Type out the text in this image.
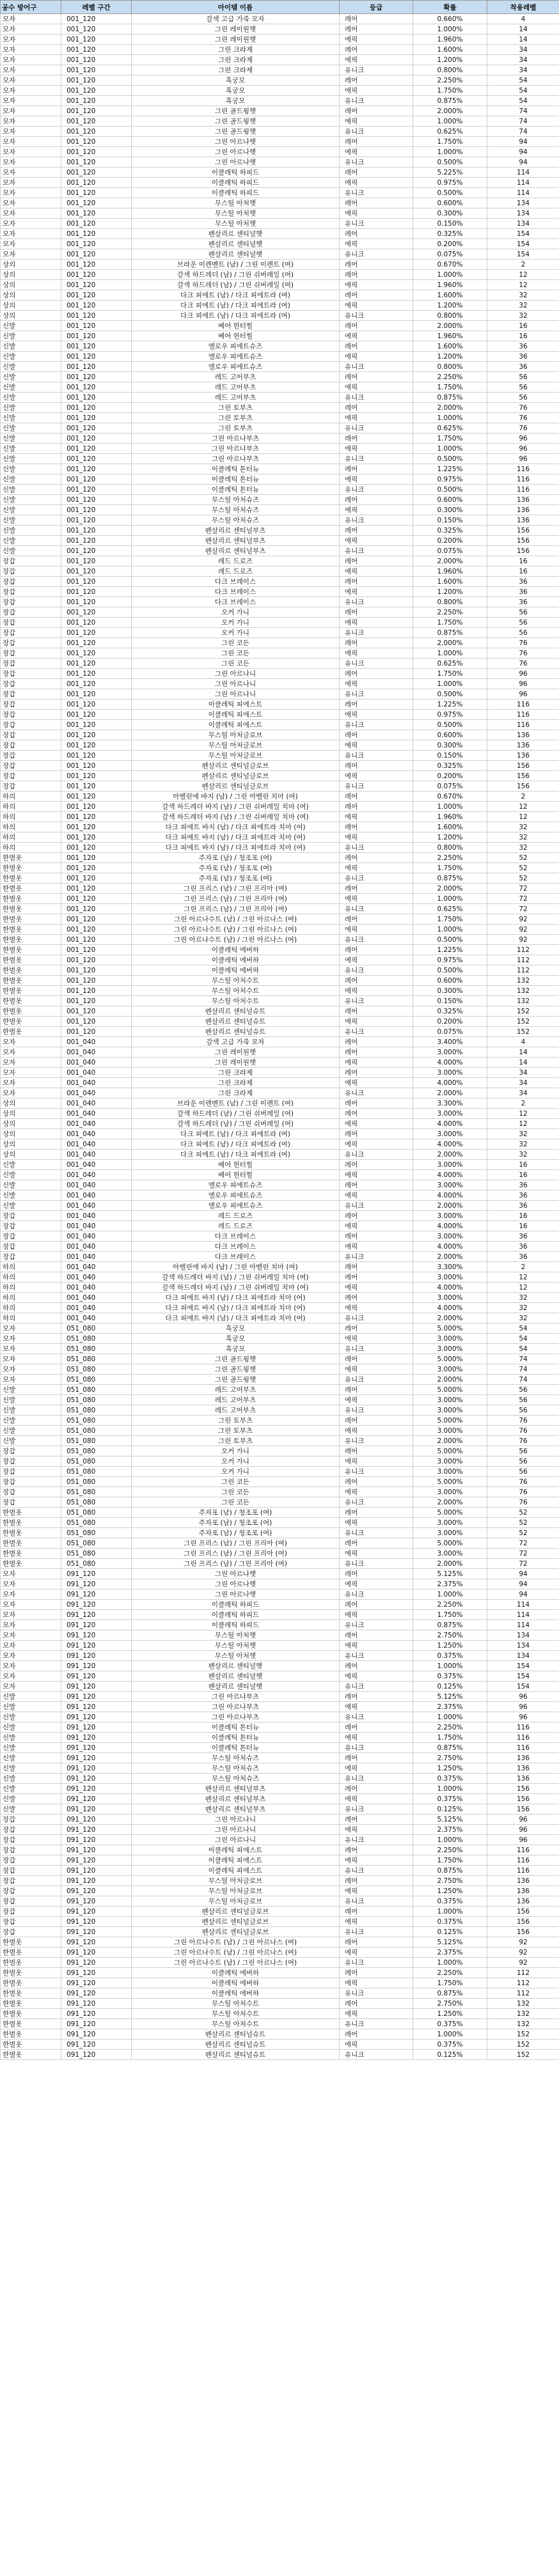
공수 방어구	레벨 구간	아이템 이름	등급	확률	착용레벨
모자	001_120	갈색 고급 가죽 모자	레어	0.660%	4
모자	001_120	그린 레이원햇	레어	1.000%	14
모자	001_120	그린 레이원햇	에픽	1.960%	14
모자	001_120	그린 크라제	레어	1.600%	34
모자	001_120	그린 크라제	에픽	1.200%	34
모자	001_120	그린 크라제	유니크	0.800%	34
모자	001_120	흑궁모	레어	2.250%	54
모자	001_120	흑궁모	에픽	1.750%	54
모자	001_120	흑궁모	유니크	0.875%	54
모자	001_120	그린 골드윙햇	레어	2.000%	74
모자	001_120	그린 골드윙햇	에픽	1.000%	74
모자	001_120	그린 골드윙햇	유니크	0.625%	74
모자	001_120	그린 아르나햇	레어	1.750%	94
모자	001_120	그린 아르나햇	에픽	1.000%	94
모자	001_120	그린 아르나햇	유니크	0.500%	94
모자	001_120	이클레틱 하피드	레어	5.225%	114
모자	001_120	이클레틱 하피드	에픽	0.975%	114
모자	001_120	이클레틱 하피드	유니크	0.500%	114
모자	001_120	무스틸 아처햇	레어	0.600%	134
모자	001_120	무스틸 아처햇	에픽	0.300%	134
모자	001_120	무스틸 아처햇	유니크	0.150%	134
모자	001_120	펜살리르 센티널햇	레어	0.325%	154
모자	001_120	펜살리르 센티널햇	에픽	0.200%	154
모자	001_120	펜살리르 센티널햇	유니크	0.075%	154
상의	001_120	브라운 이렌멘트 (남) / 그린 이렌트 (여)	레어	0.670%	2
상의	001_120	갈색 하드레더 (남) / 그린 쉬버레일 (여)	레어	1.000%	12
상의	001_120	갈색 하드레더 (남) / 그린 쉬버레일 (여)	에픽	1.960%	12
상의	001_120	다크 피에트 (남) / 다크 피에트라 (여)	레어	1.600%	32
상의	001_120	다크 피에트 (남) / 다크 피에트라 (여)	에픽	1.200%	32
상의	001_120	다크 피에트 (남) / 다크 피에트라 (여)	유니크	0.800%	32
신발	001_120	베어 헌터힐	레어	2.000%	16
신발	001_120	베어 헌터힐	에픽	1.960%	16
신발	001_120	엘로우 피에트슈즈	레어	1.600%	36
신발	001_120	엘로우 피에트슈즈	에픽	1.200%	36
신발	001_120	엘로우 피에트슈즈	유니크	0.800%	36
신발	001_120	레드 고어부츠	레어	2.250%	56
신발	001_120	레드 고어부츠	에픽	1.750%	56
신발	001_120	레드 고어부츠	유니크	0.875%	56
신발	001_120	그린 토부츠	레어	2.000%	76
신발	001_120	그린 토부츠	에픽	1.000%	76
신발	001_120	그린 토부츠	유니크	0.625%	76
신발	001_120	그린 아르나부츠	레어	1.750%	96
신발	001_120	그린 아르나부츠	에픽	1.000%	96
신발	001_120	그린 아르나부츠	유니크	0.500%	96
신발	001_120	이클레틱 톤터뉴	레어	1.225%	116
신발	001_120	이클레틱 톤터뉴	에픽	0.975%	116
신발	001_120	이클레틱 톤터뉴	유니크	0.500%	116
신발	001_120	무스틸 아처슈즈	레어	0.600%	136
신발	001_120	무스틸 아처슈즈	에픽	0.300%	136
신발	001_120	무스틸 아처슈즈	유니크	0.150%	136
신발	001_120	펜살리르 센티널부츠	레어	0.325%	156
신발	001_120	펜살리르 센티널부츠	에픽	0.200%	156
신발	001_120	펜살리르 센티널부츠	유니크	0.075%	156
장갑	001_120	레드 드로즈	레어	2.000%	16
장갑	001_120	레드 드로즈	에픽	1.960%	16
장갑	001_120	다크 브레이스	레어	1.600%	36
장갑	001_120	다크 브레이스	에픽	1.200%	36
장갑	001_120	다크 브레이스	유니크	0.800%	36
장갑	001_120	오커 가니	레어	2.250%	56
장갑	001_120	오커 가니	에픽	1.750%	56
장갑	001_120	오커 가니	유니크	0.875%	56
장갑	001_120	그린 코든	레어	2.000%	76
장갑	001_120	그린 코든	에픽	1.000%	76
장갑	001_120	그린 코든	유니크	0.625%	76
장갑	001_120	그린 아르나니	레어	1.750%	96
장갑	001_120	그린 아르나니	에픽	1.000%	96
장갑	001_120	그린 아르나니	유니크	0.500%	96
장갑	001_120	이클레틱 피에스트	레어	1.225%	116
장갑	001_120	이클레틱 피에스트	에픽	0.975%	116
장갑	001_120	이클레틱 피에스트	유니크	0.500%	116
장갑	001_120	무스틸 아처글로브	레어	0.600%	136
장갑	001_120	무스틸 아처글로브	에픽	0.300%	136
장갑	001_120	무스틸 아처글로브	유니크	0.150%	136
장갑	001_120	펜살리르 센티널글로브	레어	0.325%	156
장갑	001_120	펜살리르 센티널글로브	에픽	0.200%	156
장갑	001_120	펜살리르 센티널글로브	유니크	0.075%	156
하의	001_120	아벨린에 바지 (남) / 그린 아벨린 치마 (여)	레어	0.670%	2
하의	001_120	갈색 하드레더 바지 (남) / 그린 쉬버레일 치마 (여)	레어	1.000%	12
하의	001_120	갈색 하드레더 바지 (남) / 그린 쉬버레일 치마 (여)	에픽	1.960%	12
하의	001_120	다크 피에트 바지 (남) / 다크 피에트라 치마 (여)	레어	1.600%	32
하의	001_120	다크 피에트 바지 (남) / 다크 피에트라 치마 (여)	에픽	1.200%	32
하의	001_120	다크 피에트 바지 (남) / 다크 피에트라 치마 (여)	유니크	0.800%	32
한벌옷	001_120	주자포 (남) / 청조포 (여)	레어	2.250%	52
한벌옷	001_120	주자포 (남) / 청조포 (여)	에픽	1.750%	52
한벌옷	001_120	주자포 (남) / 청조포 (여)	유니크	0.875%	52
한벌옷	001_120	그린 프리스 (남) / 그린 프리아 (여)	레어	2.000%	72
한벌옷	001_120	그린 프리스 (남) / 그린 프리아 (여)	에픽	1.000%	72
한벌옷	001_120	그린 프리스 (남) / 그린 프리아 (여)	유니크	0.625%	72
한벌옷	001_120	그린 아르나수트 (남) / 그린 아르나스 (여)	레어	1.750%	92
한벌옷	001_120	그린 아르나수트 (남) / 그린 아르나스 (여)	에픽	1.000%	92
한벌옷	001_120	그린 아르나수트 (남) / 그린 아르나스 (여)	유니크	0.500%	92
한벌옷	001_120	이클레틱 에버하	레어	1.225%	112
한벌옷	001_120	이클레틱 에버하	에픽	0.975%	112
한벌옷	001_120	이클레틱 에버하	유니크	0.500%	112
한벌옷	001_120	무스틸 아처수트	레어	0.600%	132
한벌옷	001_120	무스틸 아처수트	에픽	0.300%	132
한벌옷	001_120	무스틸 아처수트	유니크	0.150%	132
한벌옷	001_120	펜살리르 센티널슈트	레어	0.325%	152
한벌옷	001_120	펜살리르 센티널슈트	에픽	0.200%	152
한벌옷	001_120	펜살리르 센티널슈트	유니크	0.075%	152
모자	001_040	갈색 고급 가죽 모자	레어	3.400%	4
모자	001_040	그린 레이원햇	레어	3.000%	14
모자	001_040	그린 레이원햇	에픽	4.000%	14
모자	001_040	그린 크라제	레어	3.000%	34
모자	001_040	그린 크라제	에픽	4.000%	34
모자	001_040	그린 크라제	유니크	2.000%	34
상의	001_040	브라운 이렌멘트 (남) / 그린 이렌트 (여)	레어	3.300%	2
상의	001_040	갈색 하드레더 (남) / 그린 쉬버레일 (여)	레어	3.000%	12
상의	001_040	갈색 하드레더 (남) / 그린 쉬버레일 (여)	에픽	4.000%	12
상의	001_040	다크 피에트 (남) / 다크 피에트라 (여)	레어	3.000%	32
상의	001_040	다크 피에트 (남) / 다크 피에트라 (여)	에픽	4.000%	32
상의	001_040	다크 피에트 (남) / 다크 피에트라 (여)	유니크	2.000%	32
신발	001_040	베어 헌터힐	레어	3.000%	16
신발	001_040	베어 헌터힐	에픽	4.000%	16
신발	001_040	엘로우 피에트슈즈	레어	3.000%	36
신발	001_040	엘로우 피에트슈즈	에픽	4.000%	36
신발	001_040	엘로우 피에트슈즈	유니크	2.000%	36
장갑	001_040	레드 드로즈	레어	3.000%	16
장갑	001_040	레드 드로즈	에픽	4.000%	16
장갑	001_040	다크 브레이스	레어	3.000%	36
장갑	001_040	다크 브레이스	에픽	4.000%	36
장갑	001_040	다크 브레이스	유니크	2.000%	36
하의	001_040	아벨린에 바지 (남) / 그린 아벨린 치마 (여)	레어	3.300%	2
하의	001_040	갈색 하드레더 바지 (남) / 그린 쉬버레일 치마 (여)	레어	3.000%	12
하의	001_040	갈색 하드레더 바지 (남) / 그린 쉬버레일 치마 (여)	에픽	4.000%	12
하의	001_040	다크 피에트 바지 (남) / 다크 피에트라 치마 (여)	레어	3.000%	32
하의	001_040	다크 피에트 바지 (남) / 다크 피에트라 치마 (여)	에픽	4.000%	32
하의	001_040	다크 피에트 바지 (남) / 다크 피에트라 치마 (여)	유니크	2.000%	32
모자	051_080	흑궁모	레어	5.000%	54
모자	051_080	흑궁모	에픽	3.000%	54
모자	051_080	흑궁모	유니크	3.000%	54
모자	051_080	그린 골드윙햇	레어	5.000%	74
모자	051_080	그린 골드윙햇	에픽	3.000%	74
모자	051_080	그린 골드윙햇	유니크	2.000%	74
신발	051_080	레드 고어부츠	레어	5.000%	56
신발	051_080	레드 고어부츠	에픽	3.000%	56
신발	051_080	레드 고어부츠	유니크	3.000%	56
신발	051_080	그린 토부츠	레어	5.000%	76
신발	051_080	그린 토부츠	에픽	3.000%	76
신발	051_080	그린 토부츠	유니크	2.000%	76
장갑	051_080	오커 가니	레어	5.000%	56
장갑	051_080	오커 가니	에픽	3.000%	56
장갑	051_080	오커 가니	유니크	3.000%	56
장갑	051_080	그린 코든	레어	5.000%	76
장갑	051_080	그린 코든	에픽	3.000%	76
장갑	051_080	그린 코든	유니크	2.000%	76
한벌옷	051_080	주자포 (남) / 청조포 (여)	레어	5.000%	52
한벌옷	051_080	주자포 (남) / 청조포 (여)	에픽	3.000%	52
한벌옷	051_080	주자포 (남) / 청조포 (여)	유니크	3.000%	52
한벌옷	051_080	그린 프리스 (남) / 그린 프리아 (여)	레어	5.000%	72
한벌옷	051_080	그린 프리스 (남) / 그린 프리아 (여)	에픽	3.000%	72
한벌옷	051_080	그린 프리스 (남) / 그린 프리아 (여)	유니크	2.000%	72
모자	091_120	그린 아르나햇	레어	5.125%	94
모자	091_120	그린 아르나햇	에픽	2.375%	94
모자	091_120	그린 아르나햇	유니크	1.000%	94
모자	091_120	이클레틱 하피드	레어	2.250%	114
모자	091_120	이클레틱 하피드	에픽	1.750%	114
모자	091_120	이클레틱 하피드	유니크	0.875%	114
모자	091_120	무스틸 아처햇	레어	2.750%	134
모자	091_120	무스틸 아처햇	에픽	1.250%	134
모자	091_120	무스틸 아처햇	유니크	0.375%	134
모자	091_120	펜살리르 센티널햇	레어	1.000%	154
모자	091_120	펜살리르 센티널햇	에픽	0.375%	154
모자	091_120	펜살리르 센티널햇	유니크	0.125%	154
신발	091_120	그린 아르나부츠	레어	5.125%	96
신발	091_120	그린 아르나부츠	에픽	2.375%	96
신발	091_120	그린 아르나부츠	유니크	1.000%	96
신발	091_120	이클레틱 톤터뉴	레어	2.250%	116
신발	091_120	이클레틱 톤터뉴	에픽	1.750%	116
신발	091_120	이클레틱 톤터뉴	유니크	0.875%	116
신발	091_120	무스틸 아처슈즈	레어	2.750%	136
신발	091_120	무스틸 아처슈즈	에픽	1.250%	136
신발	091_120	무스틸 아처슈즈	유니크	0.375%	136
신발	091_120	펜살리르 센티널부츠	레어	1.000%	156
신발	091_120	펜살리르 센티널부츠	에픽	0.375%	156
신발	091_120	펜살리르 센티널부츠	유니크	0.125%	156
장갑	091_120	그린 아르나니	레어	5.125%	96
장갑	091_120	그린 아르나니	에픽	2.375%	96
장갑	091_120	그린 아르나니	유니크	1.000%	96
장갑	091_120	이클레틱 피에스트	레어	2.250%	116
장갑	091_120	이클레틱 피에스트	에픽	1.750%	116
장갑	091_120	이클레틱 피에스트	유니크	0.875%	116
장갑	091_120	무스틸 아처글로브	레어	2.750%	136
장갑	091_120	무스틸 아처글로브	에픽	1.250%	136
장갑	091_120	무스틸 아처글로브	유니크	0.375%	136
장갑	091_120	펜살리르 센티널글로브	레어	1.000%	156
장갑	091_120	펜살리르 센티널글로브	에픽	0.375%	156
장갑	091_120	펜살리르 센티널글로브	유니크	0.125%	156
한벌옷	091_120	그린 아르나수트 (남) / 그린 아르나스 (여)	레어	5.125%	92
한벌옷	091_120	그린 아르나수트 (남) / 그린 아르나스 (여)	에픽	2.375%	92
한벌옷	091_120	그린 아르나수트 (남) / 그린 아르나스 (여)	유니크	1.000%	92
한벌옷	091_120	이클레틱 에버하	레어	2.250%	112
한벌옷	091_120	이클레틱 에버하	에픽	1.750%	112
한벌옷	091_120	이클레틱 에버하	유니크	0.875%	112
한벌옷	091_120	무스틸 아처수트	레어	2.750%	132
한벌옷	091_120	무스틸 아처수트	에픽	1.250%	132
한벌옷	091_120	무스틸 아처수트	유니크	0.375%	132
한벌옷	091_120	펜살리르 센티널슈트	레어	1.000%	152
한벌옷	091_120	펜살리르 센티널슈트	에픽	0.375%	152
한벌옷	091_120	펜살리르 센티널슈트	유니크	0.125%	152
